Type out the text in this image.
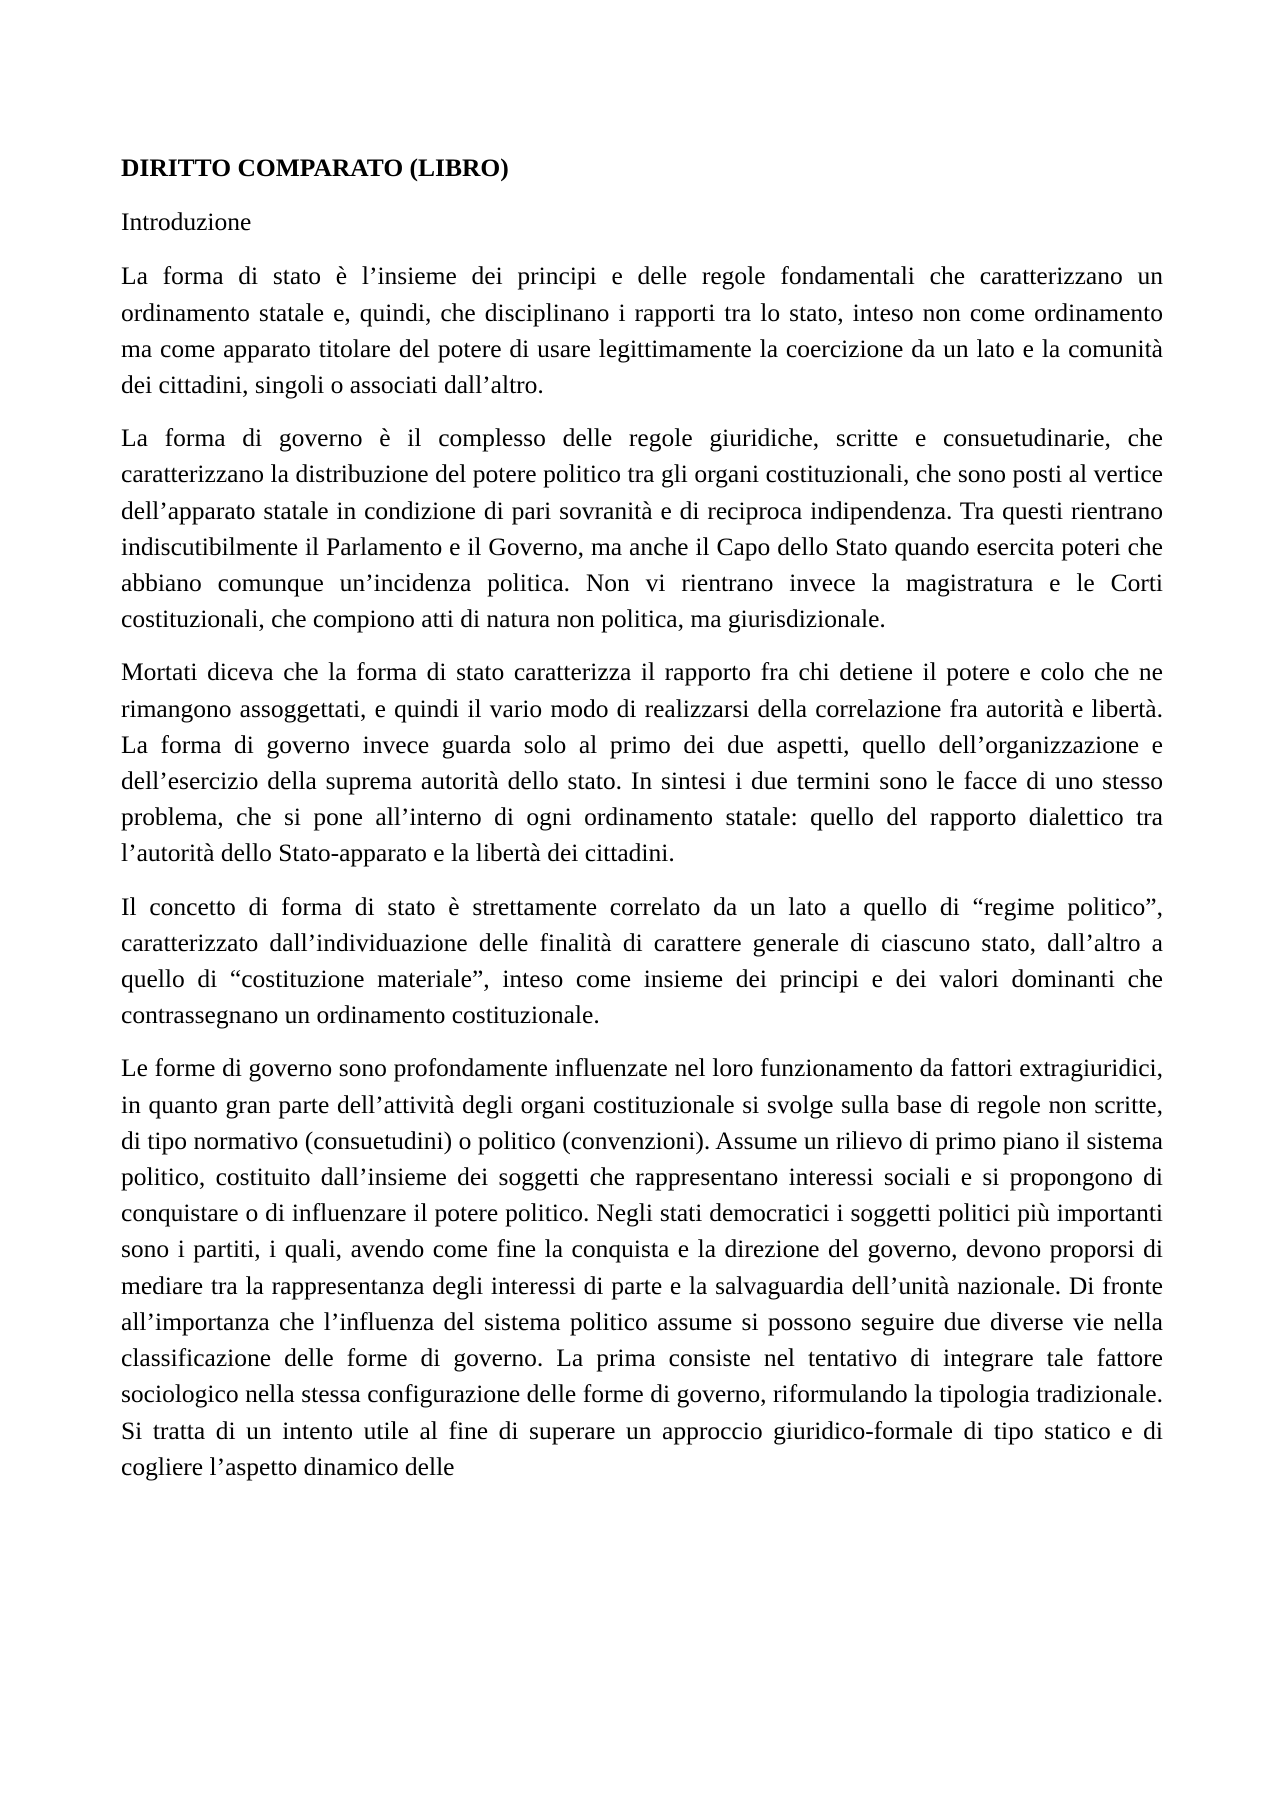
DIRITTO COMPARATO (LIBRO)
Introduzione

La forma di stato è l’insieme dei principi e delle regole fondamentali che caratterizzano un ordinamento statale e, quindi, che disciplinano i rapporti tra lo stato, inteso non come ordinamento ma come apparato titolare del potere di usare legittimamente la coercizione da un lato e la comunità dei cittadini, singoli o associati dall’altro.

La forma di governo è il complesso delle regole giuridiche, scritte e consuetudinarie, che caratterizzano la distribuzione del potere politico tra gli organi costituzionali, che sono posti al vertice dell’apparato statale in condizione di pari sovranità e di reciproca indipendenza. Tra questi rientrano indiscutibilmente il Parlamento e il Governo, ma anche il Capo dello Stato quando esercita poteri che abbiano comunque un’incidenza politica. Non vi rientrano invece la magistratura e le Corti costituzionali, che compiono atti di natura non politica, ma giurisdizionale.

Mortati diceva che la forma di stato caratterizza il rapporto fra chi detiene il potere e colo che ne rimangono assoggettati, e quindi il vario modo di realizzarsi della correlazione fra autorità e libertà. La forma di governo invece guarda solo al primo dei due aspetti, quello dell’organizzazione e dell’esercizio della suprema autorità dello stato. In sintesi i due termini sono le facce di uno stesso problema, che si pone all’interno di ogni ordinamento statale: quello del rapporto dialettico tra l’autorità dello Stato-apparato e la libertà dei cittadini.

Il concetto di forma di stato è strettamente correlato da un lato a quello di “regime politico”, caratterizzato dall’individuazione delle finalità di carattere generale di ciascuno stato, dall’altro a quello di “costituzione materiale”, inteso come insieme dei principi e dei valori dominanti che contrassegnano un ordinamento costituzionale.

Le forme di governo sono profondamente influenzate nel loro funzionamento da fattori extragiuridici, in quanto gran parte dell’attività degli organi costituzionale si svolge sulla base di regole non scritte, di tipo normativo (consuetudini) o politico (convenzioni). Assume un rilievo di primo piano il sistema politico, costituito dall’insieme dei soggetti che rappresentano interessi sociali e si propongono di conquistare o di influenzare il potere politico. Negli stati democratici i soggetti politici più importanti sono i partiti, i quali, avendo come fine la conquista e la direzione del governo, devono proporsi di mediare tra la rappresentanza degli interessi di parte e la salvaguardia dell’unità nazionale. Di fronte all’importanza che l’influenza del sistema politico assume si possono seguire due diverse vie nella classificazione delle forme di governo. La prima consiste nel tentativo di integrare tale fattore sociologico nella stessa configurazione delle forme di governo, riformulando la tipologia tradizionale. Si tratta di un intento utile al fine di superare un approccio giuridico-formale di tipo statico e di cogliere l’aspetto dinamico delle
